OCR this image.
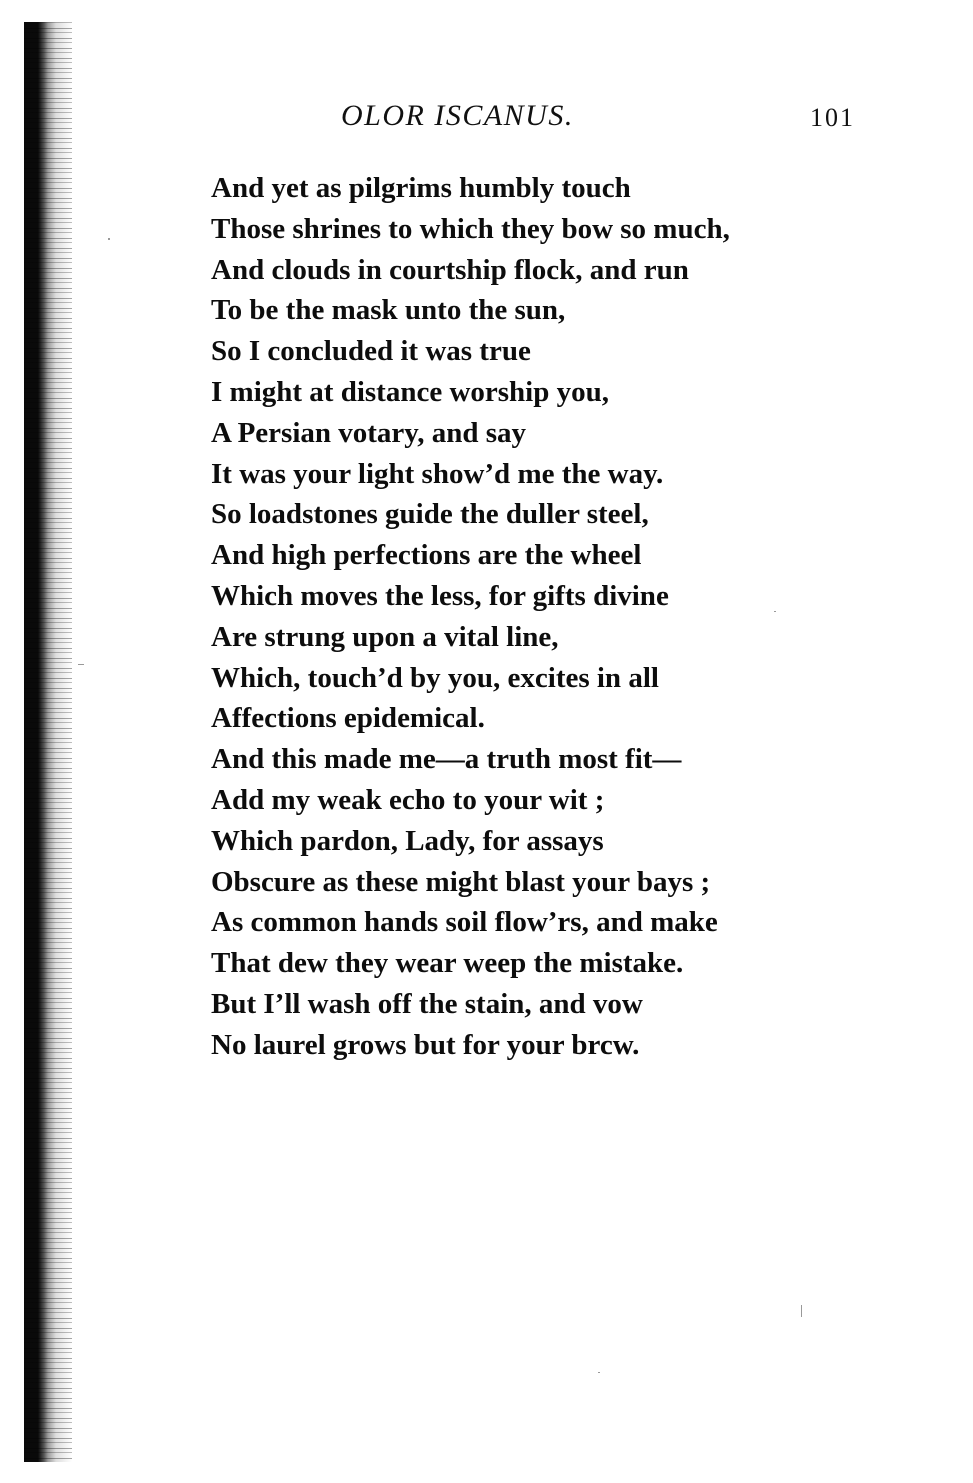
OLOR ISCANUS.	101
And yet as pilgrims humbly touch
Those shrines to which they bow so much,
And clouds in courtship flock, and run
To be the mask unto the sun,
So I concluded it was true
I might at distance worship you,
A Persian votary, and say
It was your light show’d me the way.
So loadstones guide the duller steel,
And high perfections are the wheel
Which moves the less, for gifts divine
Are strung upon a vital line,
Which, touch’d by you, excites in all
Affections epidemical.
And this made me—a truth most fit—
Add my weak echo to your wit ;
Which pardon, Lady, for assays
Obscure as these might blast your bays ;
As common hands soil flow’rs, and make
That dew they wear weep the mistake.
But I’ll wash off the stain, and vow
No laurel grows but for your brcw.
